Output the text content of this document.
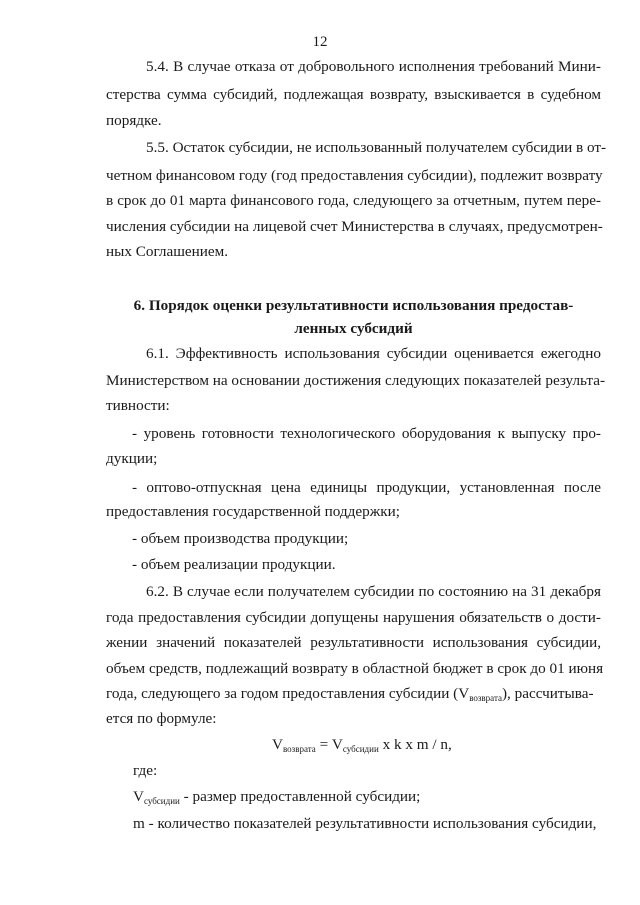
12
5.4. В случае отказа от добровольного исполнения требований Мини-
стерства сумма субсидий, подлежащая возврату, взыскивается в судебном
порядке.
5.5. Остаток субсидии, не использованный получателем субсидии в от-
четном финансовом году (год предоставления субсидии), подлежит возврату
в срок до 01 марта финансового года, следующего за отчетным, путем пере-
числения субсидии на лицевой счет Министерства в случаях, предусмотрен-
ных Соглашением.
6. Порядок оценки результативности использования предостав-
ленных субсидий
6.1. Эффективность использования субсидии оценивается ежегодно
Министерством на основании достижения следующих показателей результа-
тивности:
- уровень готовности технологического оборудования к выпуску про-
дукции;
- оптово-отпускная цена единицы продукции, установленная после
предоставления государственной поддержки;
- объем производства продукции;
- объем реализации продукции.
6.2. В случае если получателем субсидии по состоянию на 31 декабря
года предоставления субсидии допущены нарушения обязательств о дости-
жении значений показателей результативности использования субсидии,
объем средств, подлежащий возврату в областной бюджет в срок до 01 июня
года, следующего за годом предоставления субсидии $(V_{возврата})$, рассчитыва-
ется по формуле:
$V_{возврата} = V_{субсидии}$ x k x m / n,
где:
$V_{субсидии}$ - размер предоставленной субсидии;
m - количество показателей результативности использования субсидии,
